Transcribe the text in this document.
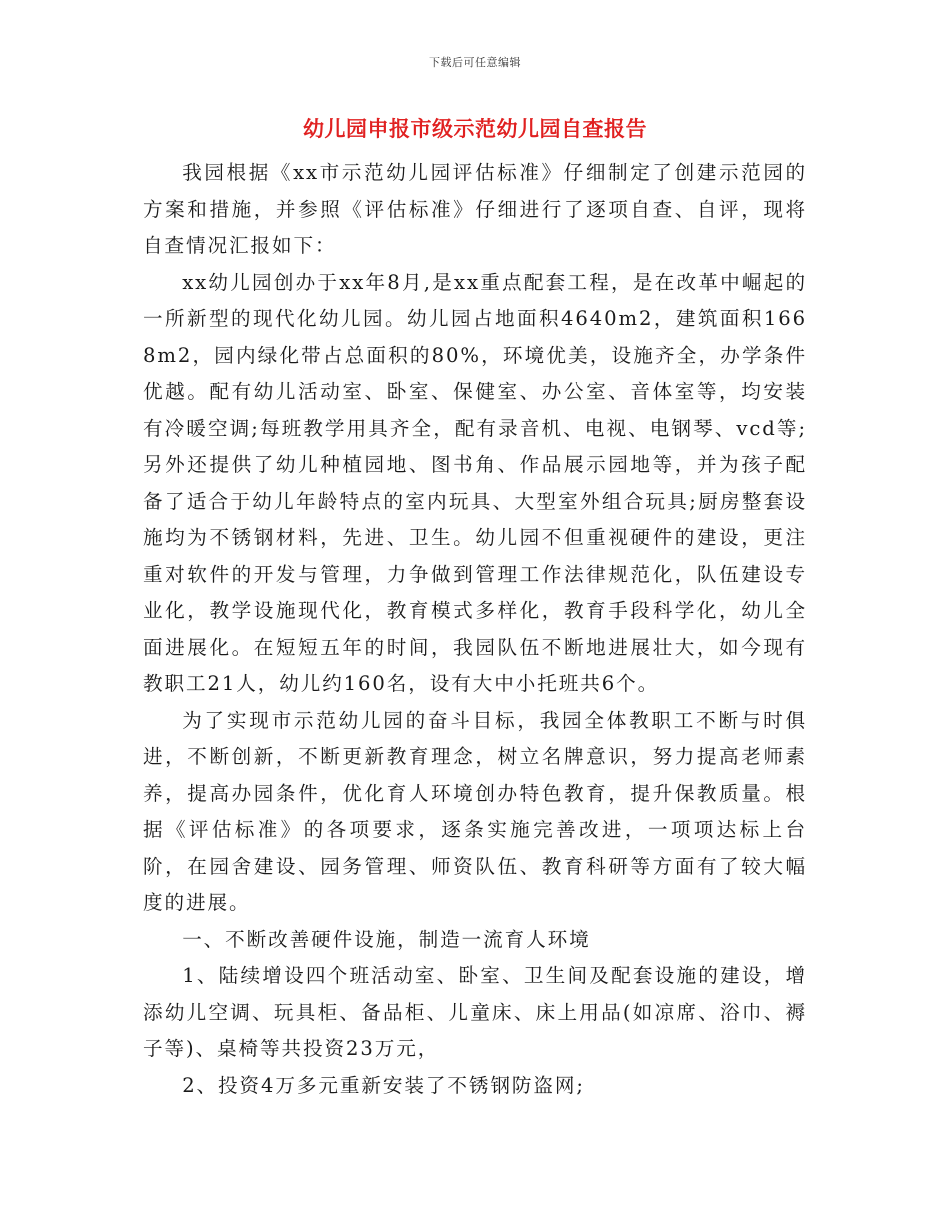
下载后可任意编辑
幼儿园申报市级示范幼儿园自查报告

我园根据《xx市示范幼儿园评估标准》仔细制定了创建示范园的方案和措施，并参照《评估标准》仔细进行了逐项自查、自评，现将自查情况汇报如下：

xx幼儿园创办于xx年8月,是xx重点配套工程，是在改革中崛起的一所新型的现代化幼儿园。幼儿园占地面积4640m2，建筑面积1668m2，园内绿化带占总面积的80%，环境优美，设施齐全，办学条件优越。配有幼儿活动室、卧室、保健室、办公室、音体室等，均安装有冷暖空调;每班教学用具齐全，配有录音机、电视、电钢琴、vcd等;另外还提供了幼儿种植园地、图书角、作品展示园地等，并为孩子配备了适合于幼儿年龄特点的室内玩具、大型室外组合玩具;厨房整套设施均为不锈钢材料，先进、卫生。幼儿园不但重视硬件的建设，更注重对软件的开发与管理，力争做到管理工作法律规范化，队伍建设专业化，教学设施现代化，教育模式多样化，教育手段科学化，幼儿全面进展化。在短短五年的时间，我园队伍不断地进展壮大，如今现有教职工21人，幼儿约160名，设有大中小托班共6个。

为了实现市示范幼儿园的奋斗目标，我园全体教职工不断与时俱进，不断创新，不断更新教育理念，树立名牌意识，努力提高老师素养，提高办园条件，优化育人环境创办特色教育，提升保教质量。根据《评估标准》的各项要求，逐条实施完善改进，一项项达标上台阶，在园舍建设、园务管理、师资队伍、教育科研等方面有了较大幅度的进展。

一、不断改善硬件设施，制造一流育人环境

1、陆续增设四个班活动室、卧室、卫生间及配套设施的建设，增添幼儿空调、玩具柜、备品柜、儿童床、床上用品(如凉席、浴巾、褥子等)、桌椅等共投资23万元，

2、投资4万多元重新安装了不锈钢防盗网;
